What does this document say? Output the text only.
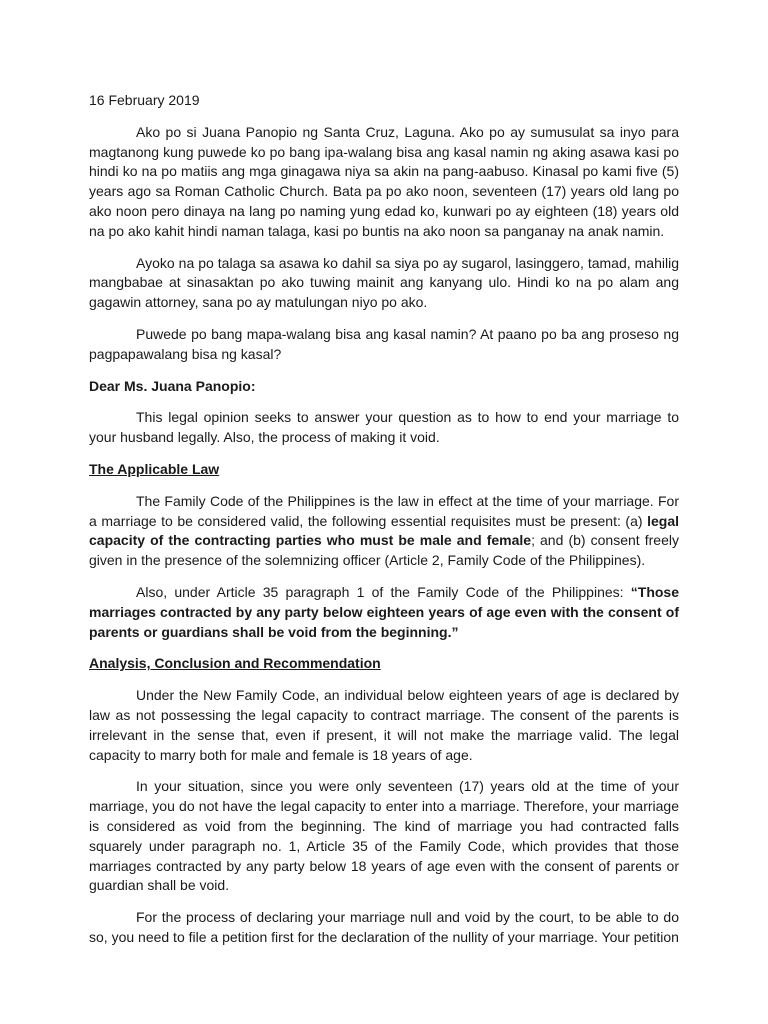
16 February 2019

Ako po si Juana Panopio ng Santa Cruz, Laguna. Ako po ay sumusulat sa inyo para magtanong kung puwede ko po bang ipa-walang bisa ang kasal namin ng aking asawa kasi po hindi ko na po matiis ang mga ginagawa niya sa akin na pang-aabuso. Kinasal po kami five (5) years ago sa Roman Catholic Church. Bata pa po ako noon, seventeen (17) years old lang po ako noon pero dinaya na lang po naming yung edad ko, kunwari po ay eighteen (18) years old na po ako kahit hindi naman talaga, kasi po buntis na ako noon sa panganay na anak namin.

Ayoko na po talaga sa asawa ko dahil sa siya po ay sugarol, lasinggero, tamad, mahilig mangbabae at sinasaktan po ako tuwing mainit ang kanyang ulo. Hindi ko na po alam ang gagawin attorney, sana po ay matulungan niyo po ako.

Puwede po bang mapa-walang bisa ang kasal namin? At paano po ba ang proseso ng pagpapawalang bisa ng kasal?

Dear Ms. Juana Panopio:

This legal opinion seeks to answer your question as to how to end your marriage to your husband legally. Also, the process of making it void.

The Applicable Law

The Family Code of the Philippines is the law in effect at the time of your marriage. For a marriage to be considered valid, the following essential requisites must be present: (a) legal capacity of the contracting parties who must be male and female; and (b) consent freely given in the presence of the solemnizing officer (Article 2, Family Code of the Philippines).

Also, under Article 35 paragraph 1 of the Family Code of the Philippines: “Those marriages contracted by any party below eighteen years of age even with the consent of parents or guardians shall be void from the beginning.”

Analysis, Conclusion and Recommendation

Under the New Family Code, an individual below eighteen years of age is declared by law as not possessing the legal capacity to contract marriage. The consent of the parents is irrelevant in the sense that, even if present, it will not make the marriage valid. The legal capacity to marry both for male and female is 18 years of age.

In your situation, since you were only seventeen (17) years old at the time of your marriage, you do not have the legal capacity to enter into a marriage. Therefore, your marriage is considered as void from the beginning. The kind of marriage you had contracted falls squarely under paragraph no. 1, Article 35 of the Family Code, which provides that those marriages contracted by any party below 18 years of age even with the consent of parents or guardian shall be void.

For the process of declaring your marriage null and void by the court, to be able to do so, you need to file a petition first for the declaration of the nullity of your marriage. Your petition
